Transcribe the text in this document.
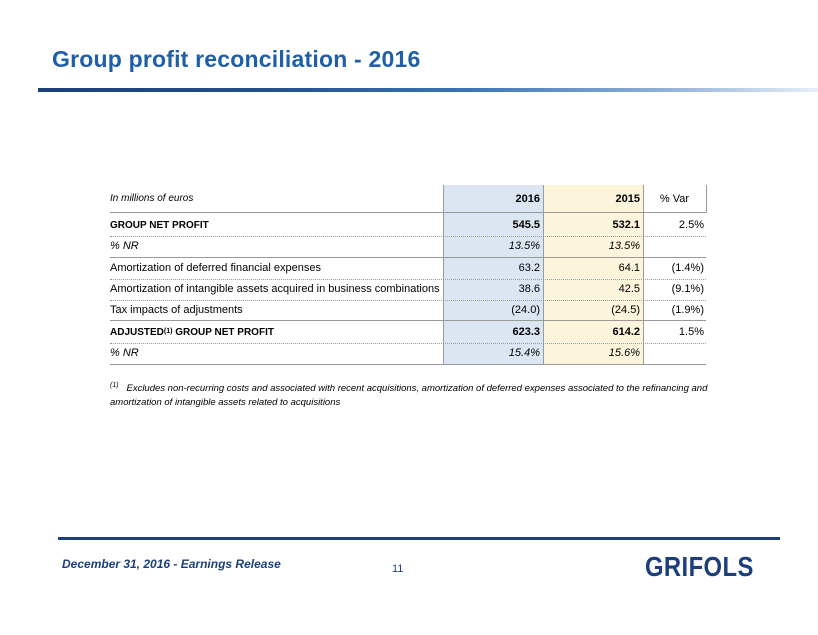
Group profit reconciliation - 2016
In millions of euros	2016	2015	% Var
GROUP NET PROFIT	545.5	532.1	2.5%
% NR	13.5%	13.5%
Amortization of deferred financial expenses	63.2	64.1	(1.4%)
Amortization of intangible assets acquired in business combinations	38.6	42.5	(9.1%)
Tax impacts of adjustments	(24.0)	(24.5)	(1.9%)
ADJUSTED (1) GROUP NET PROFIT	623.3	614.2	1.5%
% NR	15.4%	15.6%
$^{(1)}$ Excludes non-recurring costs and associated with recent acquisitions, amortization of deferred expenses associated to the refinancing and amortization of intangible assets related to acquisitions
December 31, 2016 - Earnings Release	11	GRIFOLS
